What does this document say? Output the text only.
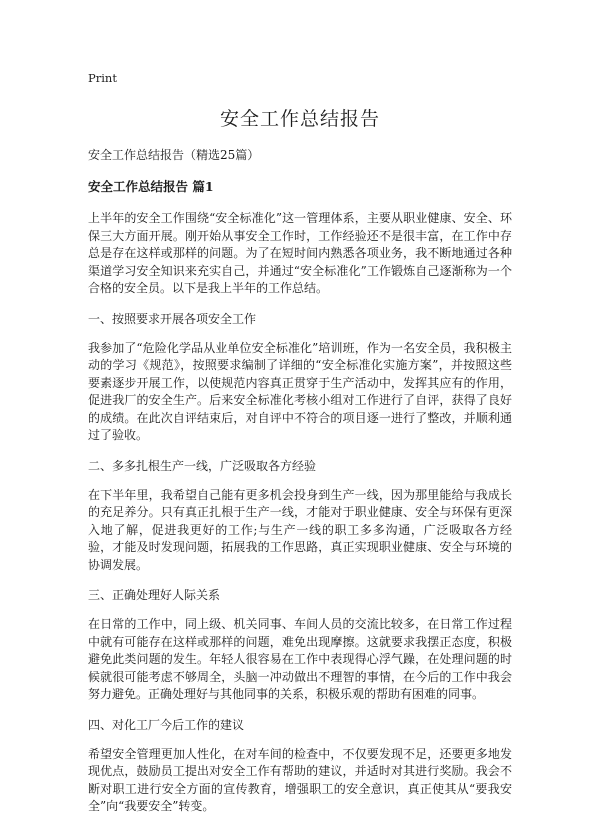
Print
安全工作总结报告
安全工作总结报告（精选25篇）
安全工作总结报告 篇1

上半年的安全工作围绕“安全标准化”这一管理体系，主要从职业健康、安全、环保三大方面开展。刚开始从事安全工作时，工作经验还不是很丰富，在工作中存总是存在这样或那样的问题。为了在短时间内熟悉各项业务，我不断地通过各种渠道学习安全知识来充实自己，并通过“安全标准化”工作锻炼自己逐渐称为一个合格的安全员。以下是我上半年的工作总结。

一、按照要求开展各项安全工作

我参加了“危险化学品从业单位安全标准化”培训班，作为一名安全员，我积极主动的学习《规范》，按照要求编制了详细的“安全标准化实施方案”，并按照这些要素逐步开展工作，以使规范内容真正贯穿于生产活动中，发挥其应有的作用，促进我厂的安全生产。后来安全标准化考核小组对工作进行了自评，获得了良好的成绩。在此次自评结束后，对自评中不符合的项目逐一进行了整改，并顺利通过了验收。

二、多多扎根生产一线，广泛吸取各方经验

在下半年里，我希望自己能有更多机会投身到生产一线，因为那里能给与我成长的充足养分。只有真正扎根于生产一线，才能对于职业健康、安全与环保有更深入地了解，促进我更好的工作;与生产一线的职工多多沟通，广泛吸取各方经验，才能及时发现问题，拓展我的工作思路，真正实现职业健康、安全与环境的协调发展。

三、正确处理好人际关系

在日常的工作中，同上级、机关同事、车间人员的交流比较多，在日常工作过程中就有可能存在这样或那样的问题，难免出现摩擦。这就要求我摆正态度，积极避免此类问题的发生。年轻人很容易在工作中表现得心浮气躁，在处理问题的时候就很可能考虑不够周全，头脑一冲动做出不理智的事情，在今后的工作中我会努力避免。正确处理好与其他同事的关系，积极乐观的帮助有困难的同事。

四、对化工厂今后工作的建议

希望安全管理更加人性化，在对车间的检查中，不仅要发现不足，还要更多地发现优点，鼓励员工提出对安全工作有帮助的建议，并适时对其进行奖励。我会不断对职工进行安全方面的宣传教育，增强职工的安全意识，真正使其从“要我安全”向“我要安全”转变。
